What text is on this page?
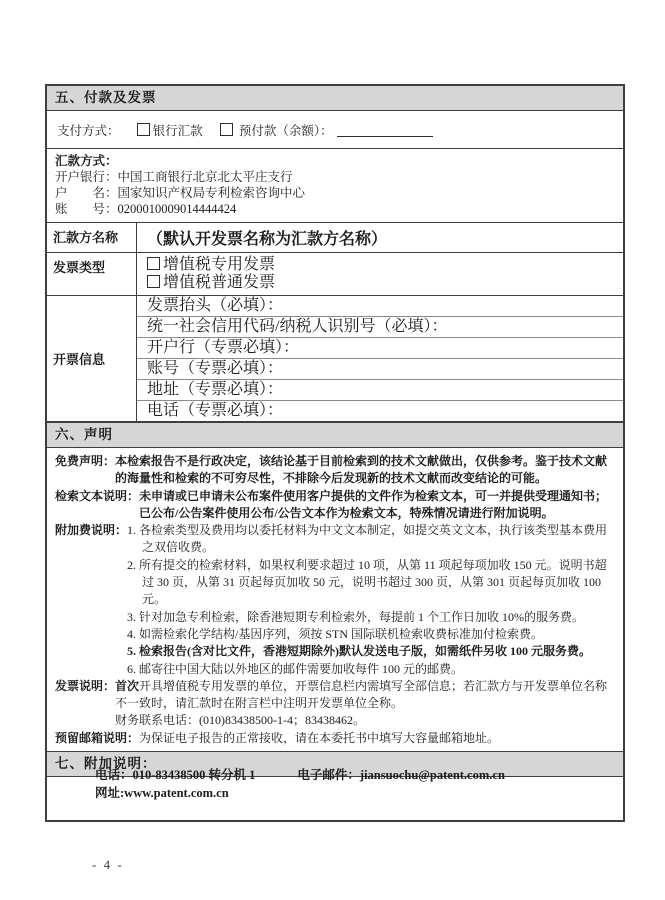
五、付款及发票
支付方式：	银行汇款	预付款（余额）：
汇款方式：
开户银行：中国工商银行北京北太平庄支行
户　　名：国家知识产权局专利检索咨询中心
账　　号：0200010009014444424
汇款方名称	（默认开发票名称为汇款方名称）
发票类型	增值税专用发票
增值税普通发票
开票信息
发票抬头（必填）：
统一社会信用代码/纳税人识别号（必填）：
开户行（专票必填）：
账号（专票必填）：
地址（专票必填）：
电话（专票必填）：
六、声明
免费声明： 本检索报告不是行政决定，该结论基于目前检索到的技术文献做出，仅供参考。鉴于技术文献的海量性和检索的不可穷尽性，不排除今后发现新的技术文献而改变结论的可能。
检索文本说明： 未申请或已申请未公布案件使用客户提供的文件作为检索文本，可一并提供受理通知书；已公布/公告案件使用公布/公告文本作为检索文本，特殊情况请进行附加说明。
附加费说明： 1. 各检索类型及费用均以委托材料为中文文本制定，如提交英文文本，执行该类型基本费用之双倍收费。
2. 所有提交的检索材料，如果权利要求超过 10 项，从第 11 项起每项加收 150 元。说明书超过 30 页，从第 31 页起每页加收 50 元，说明书超过 300 页，从第 301 页起每页加收 100 元。
3. 针对加急专利检索，除香港短期专利检索外，每提前 1 个工作日加收 10%的服务费。
4. 如需检索化学结构/基因序列，须按 STN 国际联机检索收费标准加付检索费。
5. 检索报告(含对比文件，香港短期除外)默认发送电子版，如需纸件另收 100 元服务费。
6. 邮寄往中国大陆以外地区的邮件需要加收每件 100 元的邮费。
发票说明： 首次开具增值税专用发票的单位，开票信息栏内需填写全部信息；若汇款方与开发票单位名称不一致时，请汇款时在附言栏中注明开发票单位全称。
财务联系电话：(010)83438500-1-4；83438462。
预留邮箱说明： 为保证电子报告的正常接收，请在本委托书中填写大容量邮箱地址。
七、附加说明：
电话：010-83438500 转分机 1	电子邮件：jiansuochu@patent.com.cn
网址:www.patent.com.cn
- 4 -
